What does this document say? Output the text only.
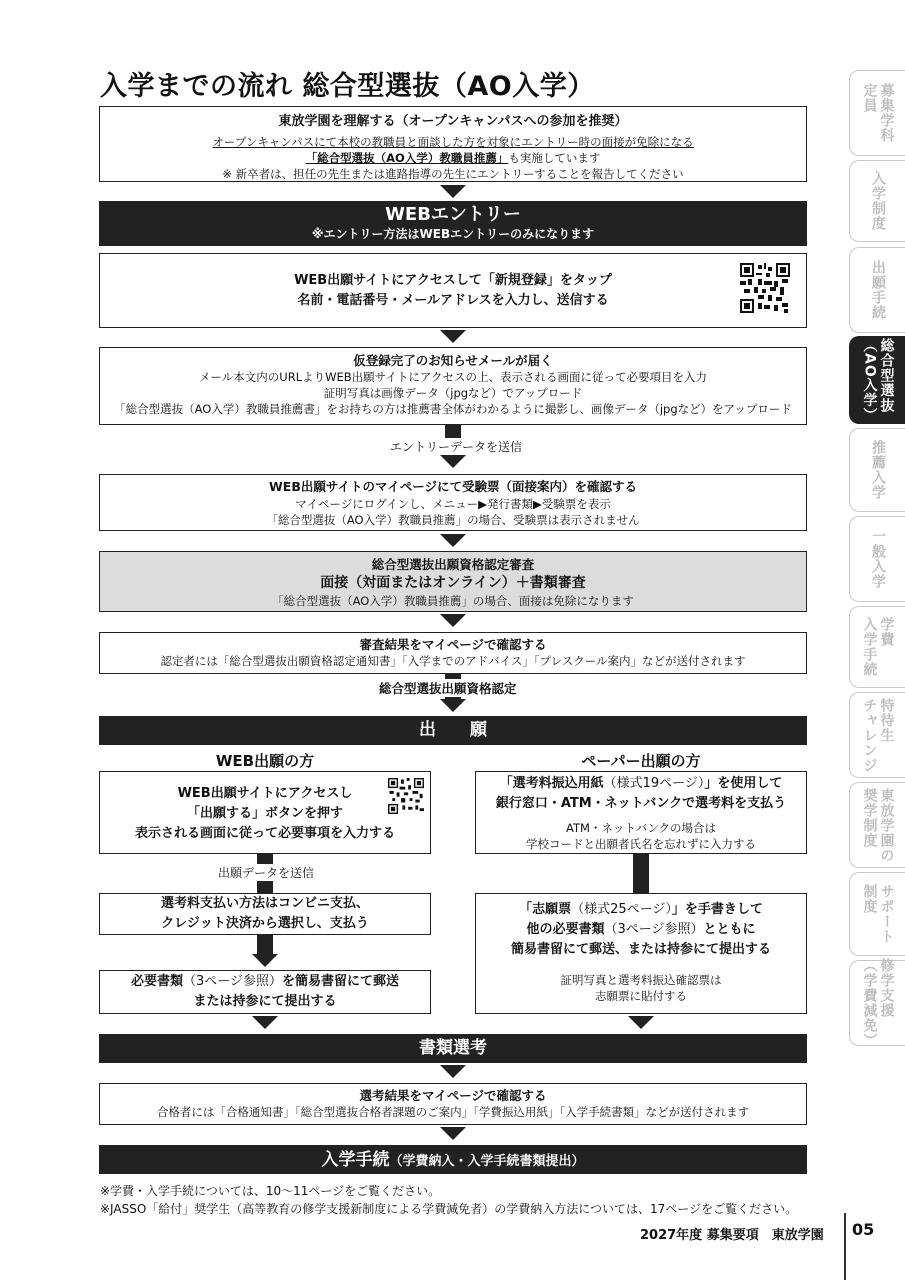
入学までの流れ 総合型選抜（AO入学）
東放学園を理解する（オープンキャンパスへの参加を推奨）
オープンキャンパスにて本校の教職員と面談した方を対象にエントリー時の面接が免除になる
「総合型選抜（AO入学）教職員推薦」も実施しています
※ 新卒者は、担任の先生または進路指導の先生にエントリーすることを報告してください
WEBエントリー
※エントリー方法はWEBエントリーのみになります
WEB出願サイトにアクセスして「新規登録」をタップ
名前・電話番号・メールアドレスを入力し、送信する
仮登録完了のお知らせメールが届く
メール本文内のURLよりWEB出願サイトにアクセスの上、表示される画面に従って必要項目を入力
証明写真は画像データ（jpgなど）でアップロード
「総合型選抜（AO入学）教職員推薦書」をお持ちの方は推薦書全体がわかるように撮影し、画像データ（jpgなど）をアップロード
エントリーデータを送信
WEB出願サイトのマイページにて受験票（面接案内）を確認する
マイページにログインし、メニュー▶発行書類▶受験票を表示
「総合型選抜（AO入学）教職員推薦」の場合、受験票は表示されません
総合型選抜出願資格認定審査
面接（対面またはオンライン）＋書類審査
「総合型選抜（AO入学）教職員推薦」の場合、面接は免除になります
審査結果をマイページで確認する
認定者には「総合型選抜出願資格認定通知書」「入学までのアドバイス」「プレスクール案内」などが送付されます
総合型選抜出願資格認定
出　　願
WEB出願の方	ペーパー出願の方
WEB出願サイトにアクセスし
「出願する」ボタンを押す
表示される画面に従って必要事項を入力する
出願データを送信
選考料支払い方法はコンビニ支払、
クレジット決済から選択し、支払う
必要書類（3ページ参照）を簡易書留にて郵送
または持参にて提出する
「選考料振込用紙（様式19ページ）」を使用して
銀行窓口・ATM・ネットバンクで選考料を支払う
ATM・ネットバンクの場合は
学校コードと出願者氏名を忘れずに入力する
「志願票（様式25ページ）」を手書きして
他の必要書類（3ページ参照）とともに
簡易書留にて郵送、または持参にて提出する
証明写真と選考料振込確認票は
志願票に貼付する
書類選考
選考結果をマイページで確認する
合格者には「合格通知書」「総合型選抜合格者課題のご案内」「学費振込用紙」「入学手続書類」などが送付されます
入学手続（学費納入・入学手続書類提出）
※学費・入学手続については、10～11ページをご覧ください。
※JASSO「給付」奨学生（高等教育の修学支援新制度による学費減免者）の学費納入方法については、17ページをご覧ください。
2027年度 募集要項　東放学園 05
募集学科
定員
入学制度
出願手続
総合型選抜
（AO入学）
推薦入学
一般入学
学費
入学手続
特待生
チャレンジ
東放学園の
奨学制度
サポート
制度
修学支援
（学費減免）
